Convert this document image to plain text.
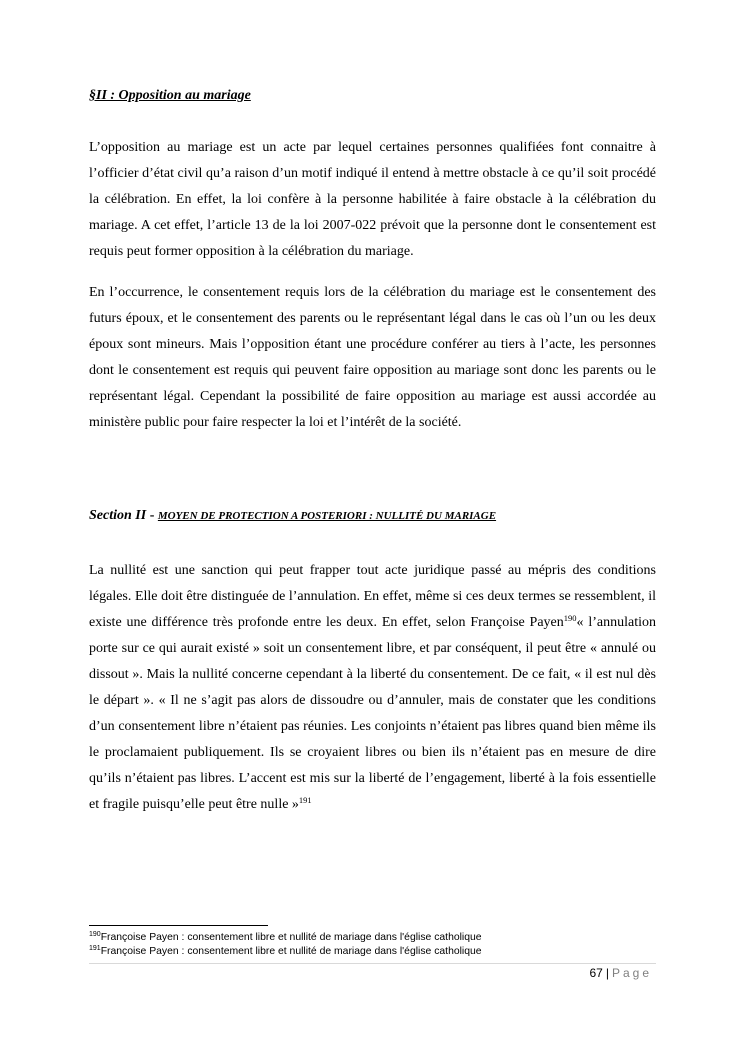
§II : Opposition au mariage

L’opposition au mariage est un acte par lequel certaines personnes qualifiées font connaitre à l’officier d’état civil qu’a raison d’un motif indiqué il entend à mettre obstacle à ce qu’il soit procédé la célébration. En effet, la loi confère à la personne habilitée à faire obstacle à la célébration du mariage. A cet effet, l’article 13 de la loi 2007-022 prévoit que la personne dont le consentement est requis peut former opposition à la célébration du mariage.

En l’occurrence, le consentement requis lors de la célébration du mariage est le consentement des futurs époux, et le consentement des parents ou le représentant légal dans le cas où l’un ou les deux époux sont mineurs. Mais l’opposition étant une procédure conférer au tiers à l’acte, les personnes dont le consentement est requis qui peuvent faire opposition au mariage sont donc les parents ou le représentant légal. Cependant la possibilité de faire opposition au mariage est aussi accordée au ministère public pour faire respecter la loi et l’intérêt de la société.

Section II - MOYEN DE PROTECTION A POSTERIORI : NULLITÉ DU MARIAGE

La nullité est une sanction qui peut frapper tout acte juridique passé au mépris des conditions légales. Elle doit être distinguée de l’annulation. En effet, même si ces deux termes se ressemblent, il existe une différence très profonde entre les deux. En effet, selon Françoise Payen$^{190}$« l’annulation porte sur ce qui aurait existé » soit un consentement libre, et par conséquent, il peut être « annulé ou dissout ». Mais la nullité concerne cependant à la liberté du consentement. De ce fait, « il est nul dès le départ ». « Il ne s’agit pas alors de dissoudre ou d’annuler, mais de constater que les conditions d’un consentement libre n’étaient pas réunies. Les conjoints n’étaient pas libres quand bien même ils le proclamaient publiquement. Ils se croyaient libres ou bien ils n’étaient pas en mesure de dire qu’ils n’étaient pas libres. L’accent est mis sur la liberté de l’engagement, liberté à la fois essentielle et fragile puisqu’elle peut être nulle »$^{191}$

$^{190}$Françoise Payen : consentement libre et nullité de mariage dans l'église catholique
$^{191}$Françoise Payen : consentement libre et nullité de mariage dans l'église catholique
67 | Page
